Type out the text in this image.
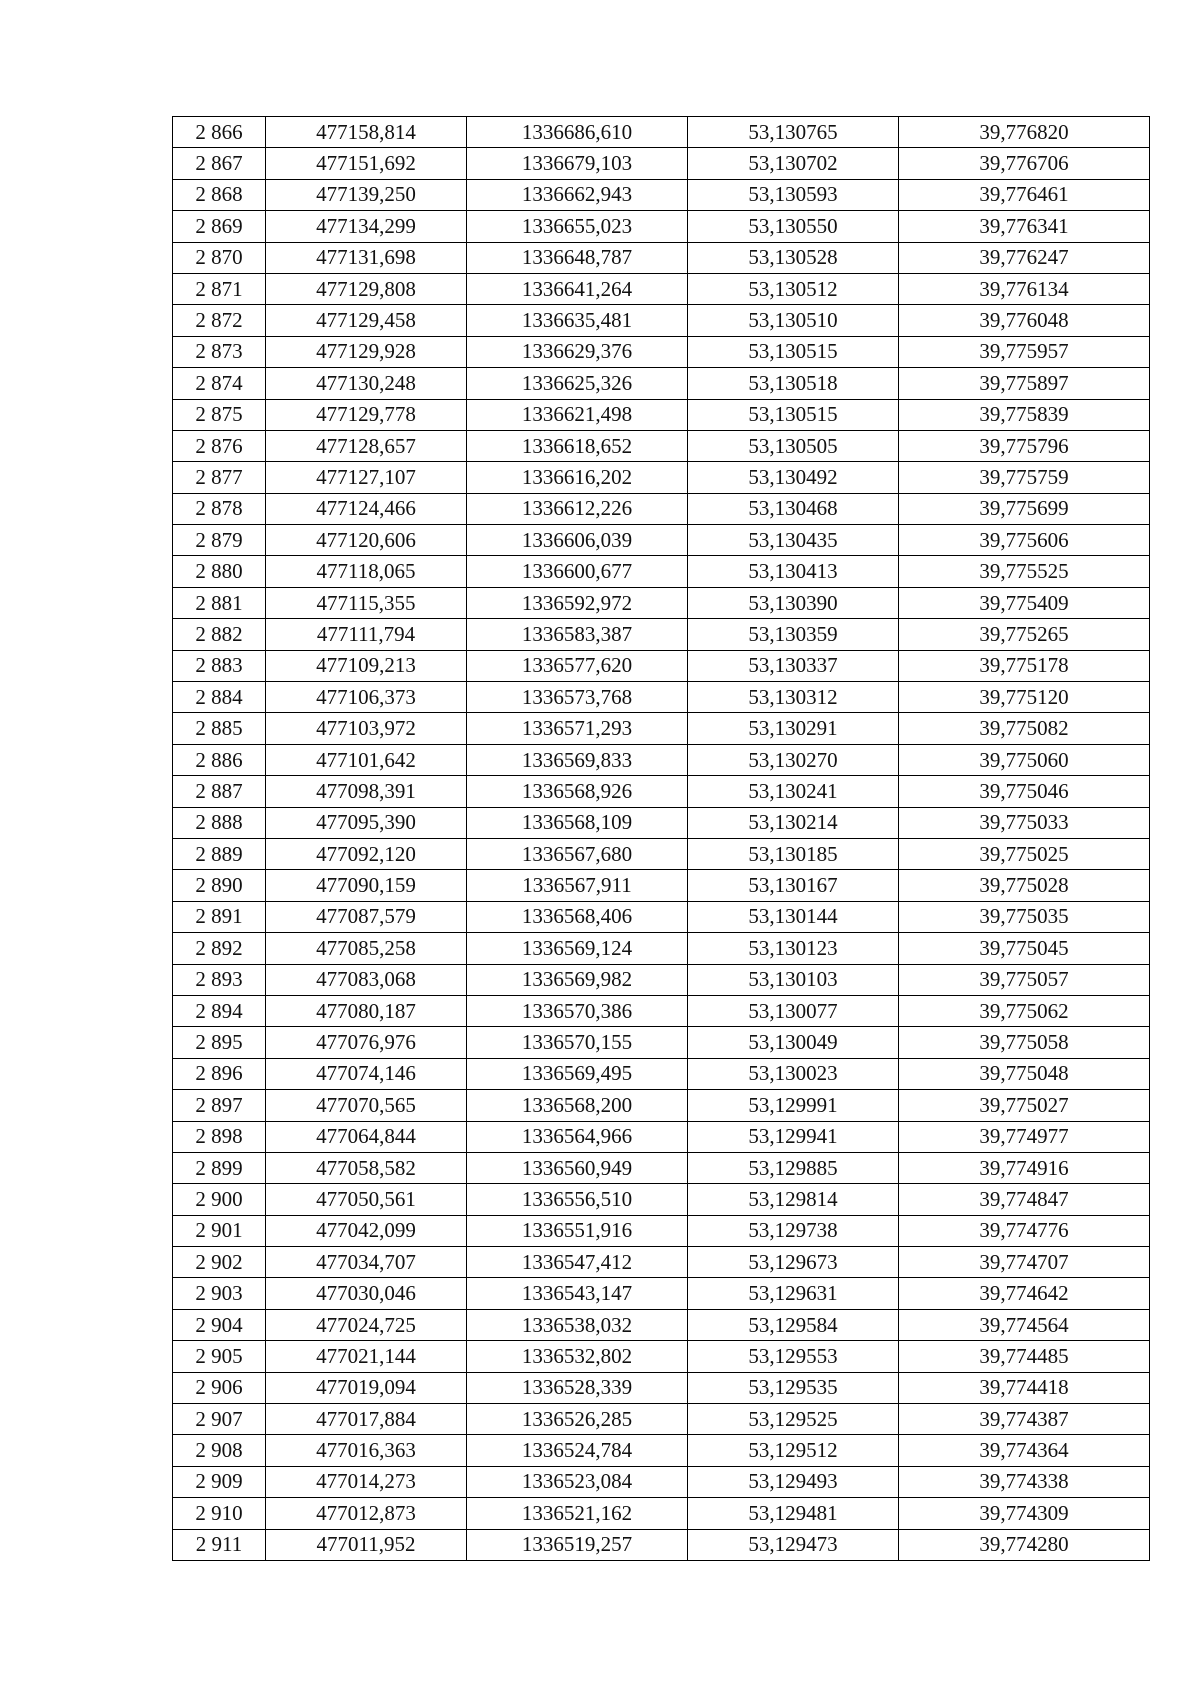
2 866	477158,814	1336686,610	53,130765	39,776820
2 867	477151,692	1336679,103	53,130702	39,776706
2 868	477139,250	1336662,943	53,130593	39,776461
2 869	477134,299	1336655,023	53,130550	39,776341
2 870	477131,698	1336648,787	53,130528	39,776247
2 871	477129,808	1336641,264	53,130512	39,776134
2 872	477129,458	1336635,481	53,130510	39,776048
2 873	477129,928	1336629,376	53,130515	39,775957
2 874	477130,248	1336625,326	53,130518	39,775897
2 875	477129,778	1336621,498	53,130515	39,775839
2 876	477128,657	1336618,652	53,130505	39,775796
2 877	477127,107	1336616,202	53,130492	39,775759
2 878	477124,466	1336612,226	53,130468	39,775699
2 879	477120,606	1336606,039	53,130435	39,775606
2 880	477118,065	1336600,677	53,130413	39,775525
2 881	477115,355	1336592,972	53,130390	39,775409
2 882	477111,794	1336583,387	53,130359	39,775265
2 883	477109,213	1336577,620	53,130337	39,775178
2 884	477106,373	1336573,768	53,130312	39,775120
2 885	477103,972	1336571,293	53,130291	39,775082
2 886	477101,642	1336569,833	53,130270	39,775060
2 887	477098,391	1336568,926	53,130241	39,775046
2 888	477095,390	1336568,109	53,130214	39,775033
2 889	477092,120	1336567,680	53,130185	39,775025
2 890	477090,159	1336567,911	53,130167	39,775028
2 891	477087,579	1336568,406	53,130144	39,775035
2 892	477085,258	1336569,124	53,130123	39,775045
2 893	477083,068	1336569,982	53,130103	39,775057
2 894	477080,187	1336570,386	53,130077	39,775062
2 895	477076,976	1336570,155	53,130049	39,775058
2 896	477074,146	1336569,495	53,130023	39,775048
2 897	477070,565	1336568,200	53,129991	39,775027
2 898	477064,844	1336564,966	53,129941	39,774977
2 899	477058,582	1336560,949	53,129885	39,774916
2 900	477050,561	1336556,510	53,129814	39,774847
2 901	477042,099	1336551,916	53,129738	39,774776
2 902	477034,707	1336547,412	53,129673	39,774707
2 903	477030,046	1336543,147	53,129631	39,774642
2 904	477024,725	1336538,032	53,129584	39,774564
2 905	477021,144	1336532,802	53,129553	39,774485
2 906	477019,094	1336528,339	53,129535	39,774418
2 907	477017,884	1336526,285	53,129525	39,774387
2 908	477016,363	1336524,784	53,129512	39,774364
2 909	477014,273	1336523,084	53,129493	39,774338
2 910	477012,873	1336521,162	53,129481	39,774309
2 911	477011,952	1336519,257	53,129473	39,774280
